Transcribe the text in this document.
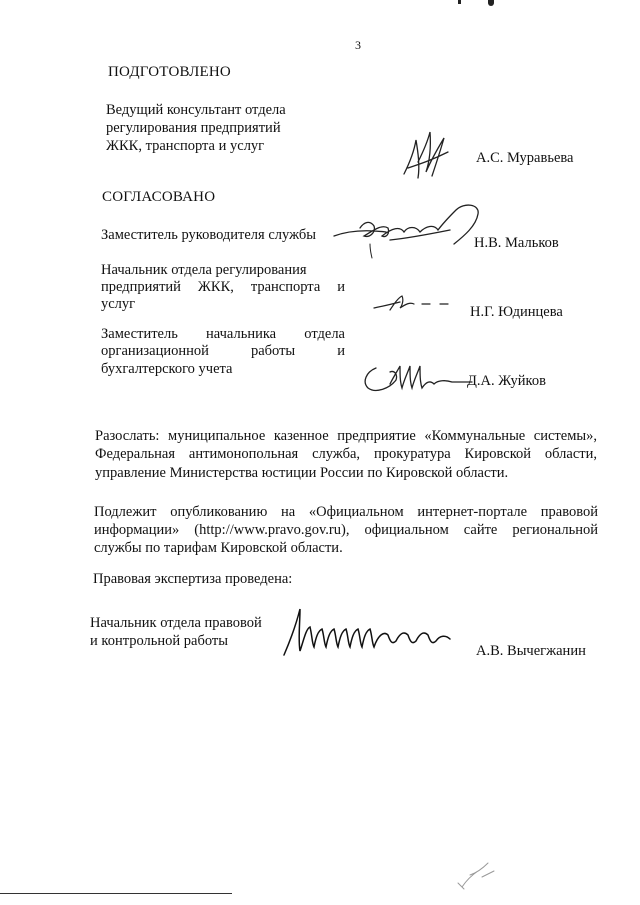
3
ПОДГОТОВЛЕНО
Ведущий консультант отдела
регулирования предприятий
ЖКК, транспорта и услуг
А.С. Муравьева
СОГЛАСОВАНО
Заместитель руководителя службы	Н.В. Мальков
Начальник отдела регулирования
предприятий ЖКК, транспорта и
услуг	Н.Г. Юдинцева
Заместитель начальника отдела
организационной работы и
бухгалтерского учета
Д.А. Жуйков
Разослать: муниципальное казенное предприятие «Коммунальные системы»,
Федеральная антимонопольная служба, прокуратура Кировской области,
управление Министерства юстиции России по Кировской области.
Подлежит опубликованию на «Официальном интернет-портале правовой
информации» (http://www.pravo.gov.ru), официальном сайте региональной
службы по тарифам Кировской области.
Правовая экспертиза проведена:
Начальник отдела правовой
и контрольной работы
А.В. Вычегжанин
